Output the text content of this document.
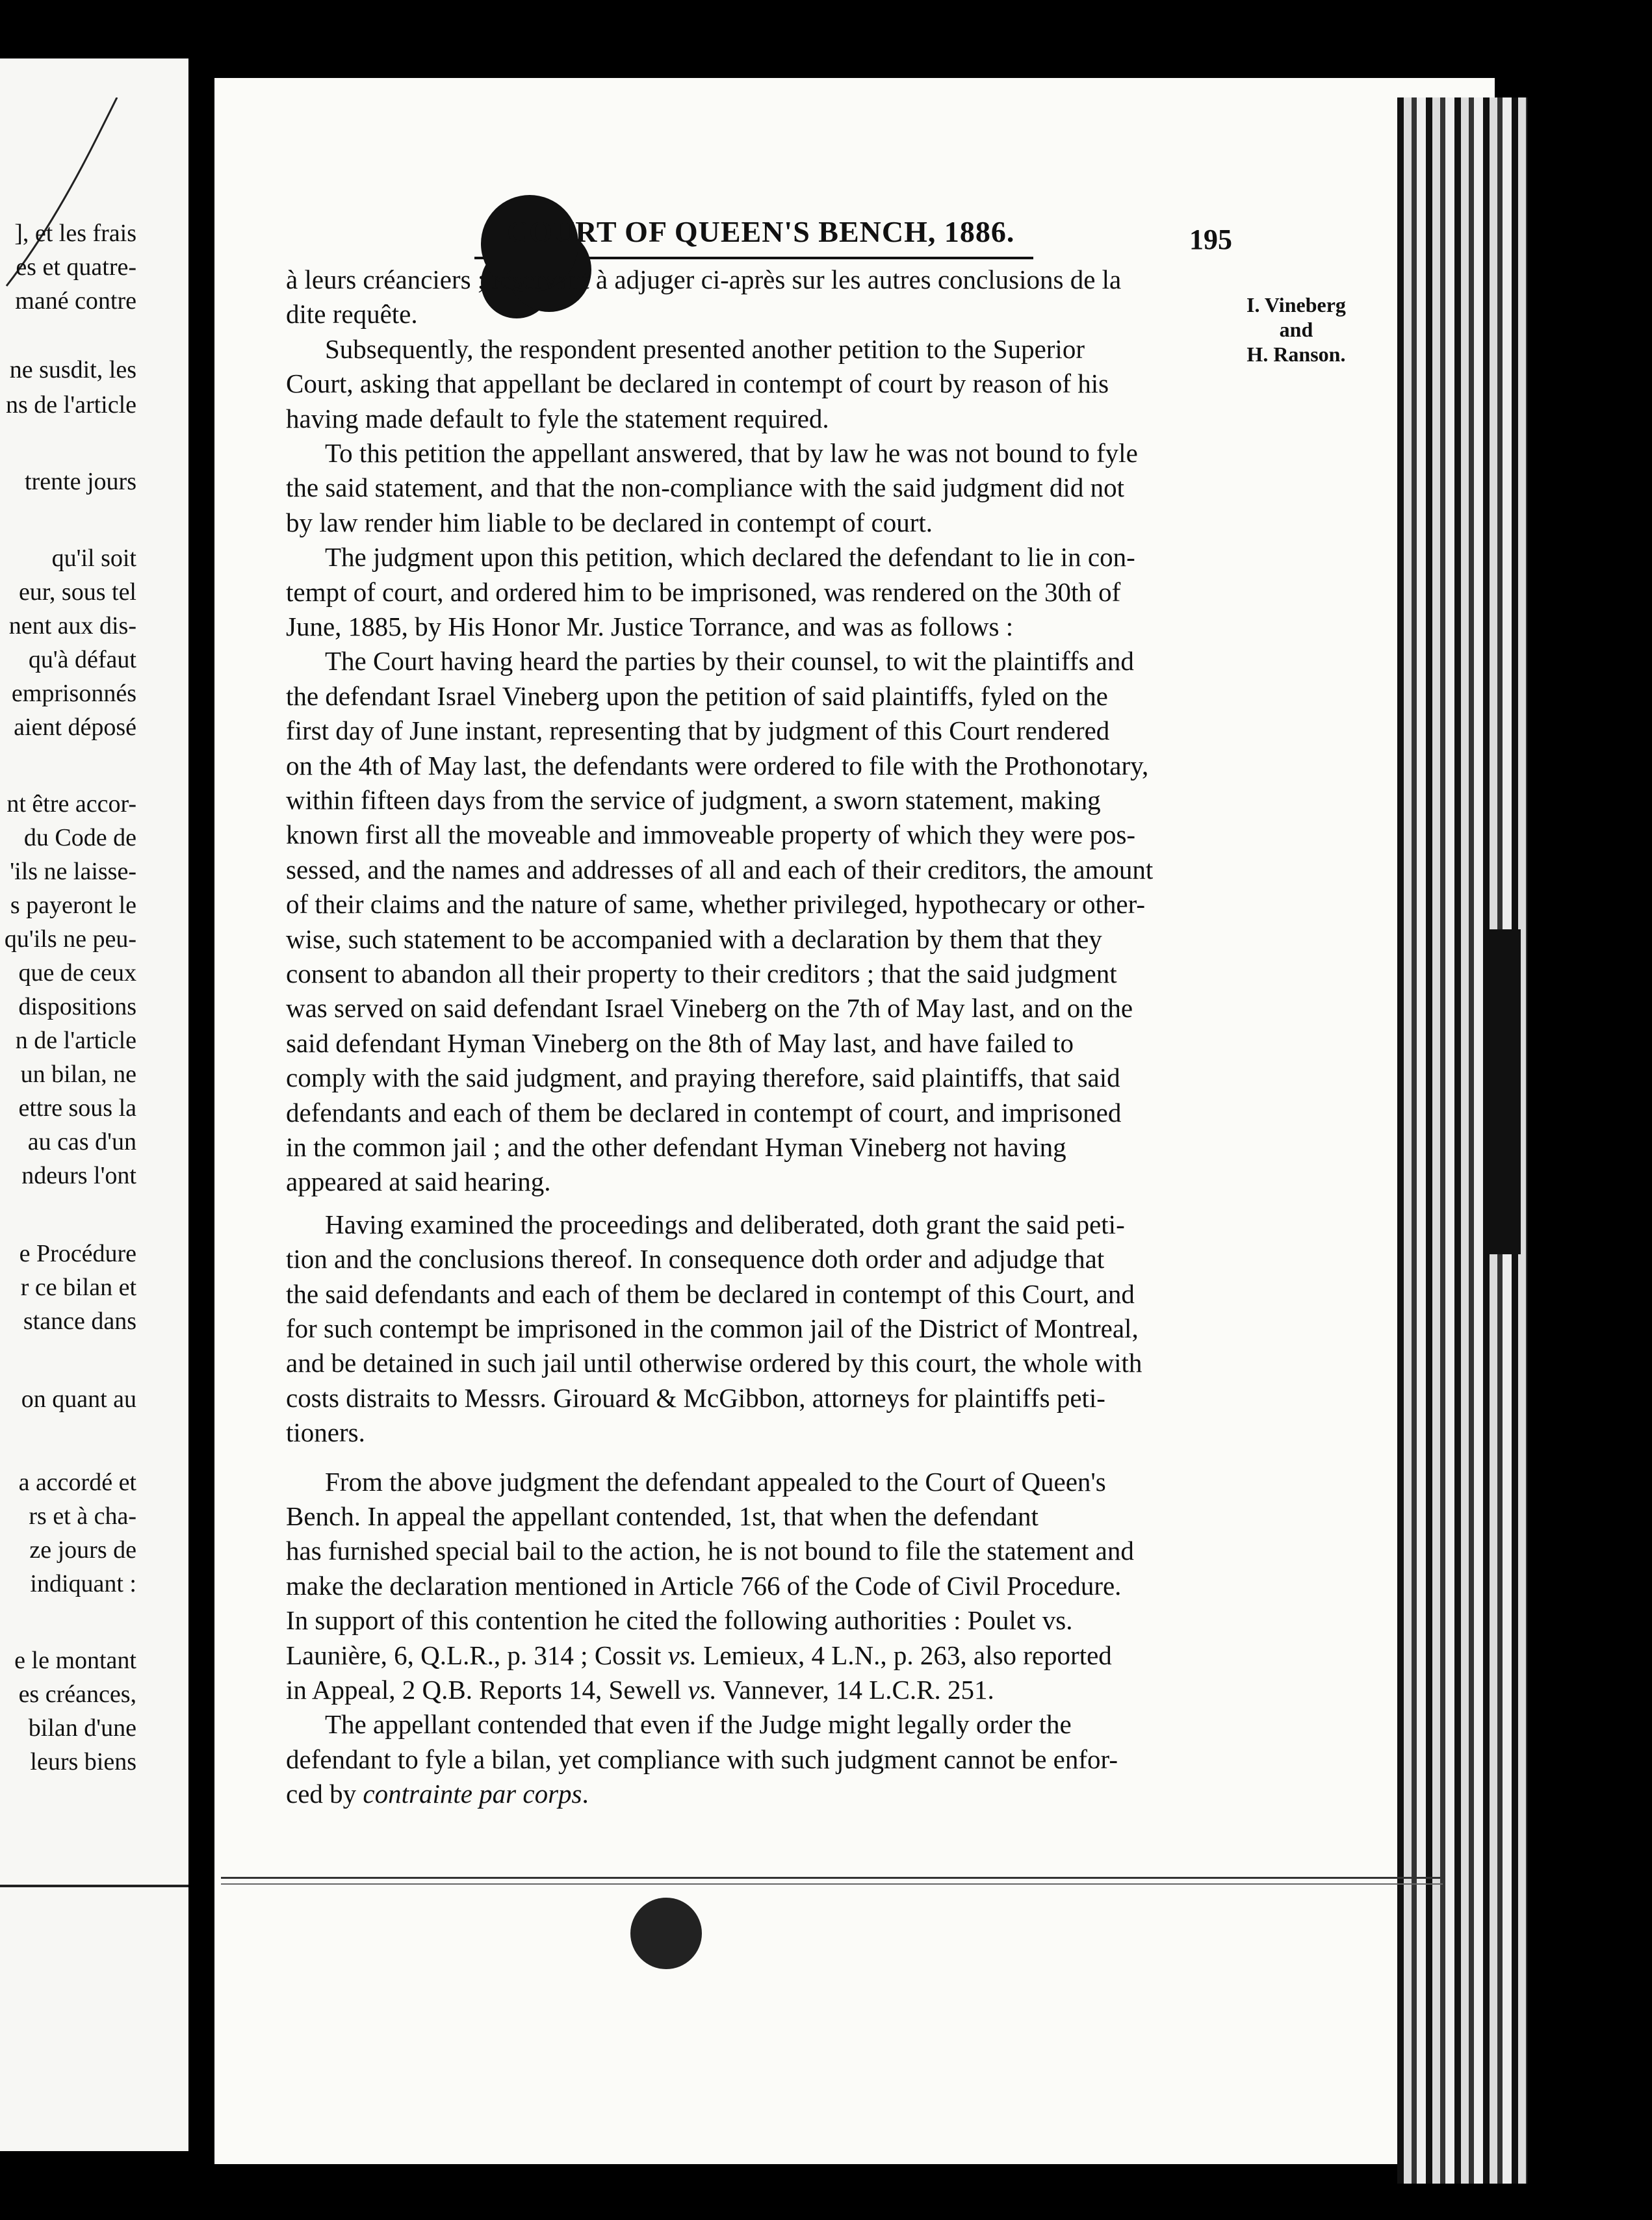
], et les frais
es et quatre-
mané contre
ne susdit, les
ns de l'article
trente jours
qu'il soit
eur, sous tel
nent aux dis-
qu'à défaut
emprisonnés
aient déposé
nt être accor-
du Code de
'ils ne laisse-
s payeront le
qu'ils ne peu-
que de ceux
dispositions
n de l'article
un bilan, ne
ettre sous la
au cas d'un
ndeurs l'ont
e Procédure
r ce bilan et
stance dans
on quant au
a accordé et
rs et à cha-
ze jours de
indiquant :
e le montant
es créances,
bilan d'une
leurs biens
COURT OF QUEEN'S BENCH, 1886.	195
I. Vineberg
and
H. Ranson.
à leurs créanciers ; réservant à adjuger ci-après sur les autres conclusions de la
dite requête.
Subsequently, the respondent presented another petition to the Superior
Court, asking that appellant be declared in contempt of court by reason of his
having made default to fyle the statement required.
To this petition the appellant answered, that by law he was not bound to fyle
the said statement, and that the non-compliance with the said judgment did not
by law render him liable to be declared in contempt of court.
The judgment upon this petition, which declared the defendant to lie in con-
tempt of court, and ordered him to be imprisoned, was rendered on the 30th of
June, 1885, by His Honor Mr. Justice Torrance, and was as follows :
The Court having heard the parties by their counsel, to wit the plaintiffs and
the defendant Israel Vineberg upon the petition of said plaintiffs, fyled on the
first day of June instant, representing that by judgment of this Court rendered
on the 4th of May last, the defendants were ordered to file with the Prothonotary,
within fifteen days from the service of judgment, a sworn statement, making
known first all the moveable and immoveable property of which they were pos-
sessed, and the names and addresses of all and each of their creditors, the amount
of their claims and the nature of same, whether privileged, hypothecary or other-
wise, such statement to be accompanied with a declaration by them that they
consent to abandon all their property to their creditors ; that the said judgment
was served on said defendant Israel Vineberg on the 7th of May last, and on the
said defendant Hyman Vineberg on the 8th of May last, and have failed to
comply with the said judgment, and praying therefore, said plaintiffs, that said
defendants and each of them be declared in contempt of court, and imprisoned
in the common jail ; and the other defendant Hyman Vineberg not having
appeared at said hearing.
Having examined the proceedings and deliberated, doth grant the said peti-
tion and the conclusions thereof. In consequence doth order and adjudge that
the said defendants and each of them be declared in contempt of this Court, and
for such contempt be imprisoned in the common jail of the District of Montreal,
and be detained in such jail until otherwise ordered by this court, the whole with
costs distraits to Messrs. Girouard & McGibbon, attorneys for plaintiffs peti-
tioners.
From the above judgment the defendant appealed to the Court of Queen's
Bench. In appeal the appellant contended, 1st, that when the defendant
has furnished special bail to the action, he is not bound to file the statement and
make the declaration mentioned in Article 766 of the Code of Civil Procedure.
In support of this contention he cited the following authorities : Poulet vs.
Launière, 6, Q.L.R., p. 314 ; Cossit vs. Lemieux, 4 L.N., p. 263, also reported
in Appeal, 2 Q.B. Reports 14, Sewell vs. Vannever, 14 L.C.R. 251.
The appellant contended that even if the Judge might legally order the
defendant to fyle a bilan, yet compliance with such judgment cannot be enfor-
ced by contrainte par corps.
